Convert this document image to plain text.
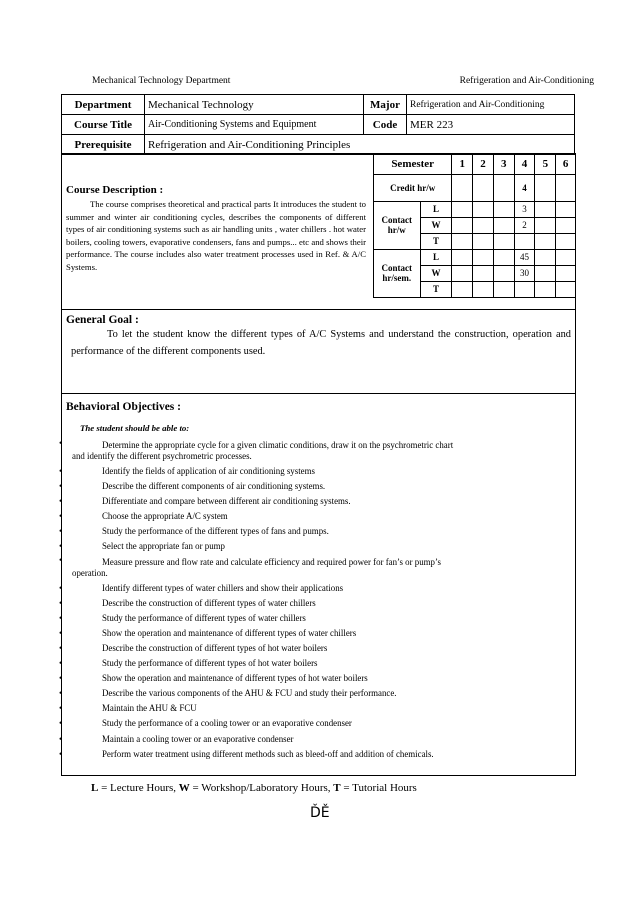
Mechanical Technology Department	Refrigeration and Air-Conditioning
Department	Mechanical Technology	Major	Refrigeration and Air-Conditioning
Course Title	Air-Conditioning Systems and Equipment	Code	MER 223
Prerequisite	Refrigeration and Air-Conditioning Principles		
Course Description :

The course comprises theoretical and practical parts It introduces the student to summer and winter air conditioning cycles, describes the components of different types of air conditioning systems such as air handling units , water chillers . hot water boilers, cooling towers, evaporative condensers, fans and pumps... etc and shows their performance. The course includes also water treatment processes used in Ref. & A/C Systems.

Semester		1	2	3	4	5	6
Credit hr/w					4		
Contact hr/w	L				3		
	W				2		
	T						
Contact hr/sem.	L				45		
	W				30		
	T						
General Goal :

To let the student know the different types of A/C Systems and understand the construction, operation and performance of the different components used.

Behavioral Objectives :
The student should be able to:
•	Determine the appropriate cycle for a given climatic conditions, draw it on the psychrometric chart
and identify the different psychrometric processes.
•	Identify the fields of application of air conditioning systems
•	Describe the different components of air conditioning systems.
•	Differentiate and compare between different air conditioning systems.
•	Choose the appropriate A/C system
•	Study the performance of the different types of fans and pumps.
•	Select the appropriate fan or pump
•	Measure pressure and flow rate and calculate efficiency and required power for fan’s or pump’s
operation.
•	Identify different types of water chillers and show their applications
•	Describe the construction of different types of water chillers
•	Study the performance of different types of water chillers
•	Show the operation and maintenance of different types of water chillers
•	Describe the construction of different types of hot water boilers
•	Study the performance of different types of hot water boilers
•	Show the operation and maintenance of different types of hot water boilers
•	Describe the various components of the AHU & FCU and study their performance.
•	Maintain the AHU & FCU
•	Study the performance of a cooling tower or an evaporative condenser
•	Maintain a cooling tower or an evaporative condenser
•	Perform water treatment using different methods such as bleed-off and addition of chemicals.
L = Lecture Hours, W = Workshop/Laboratory Hours, T = Tutorial Hours
ĎĚ
